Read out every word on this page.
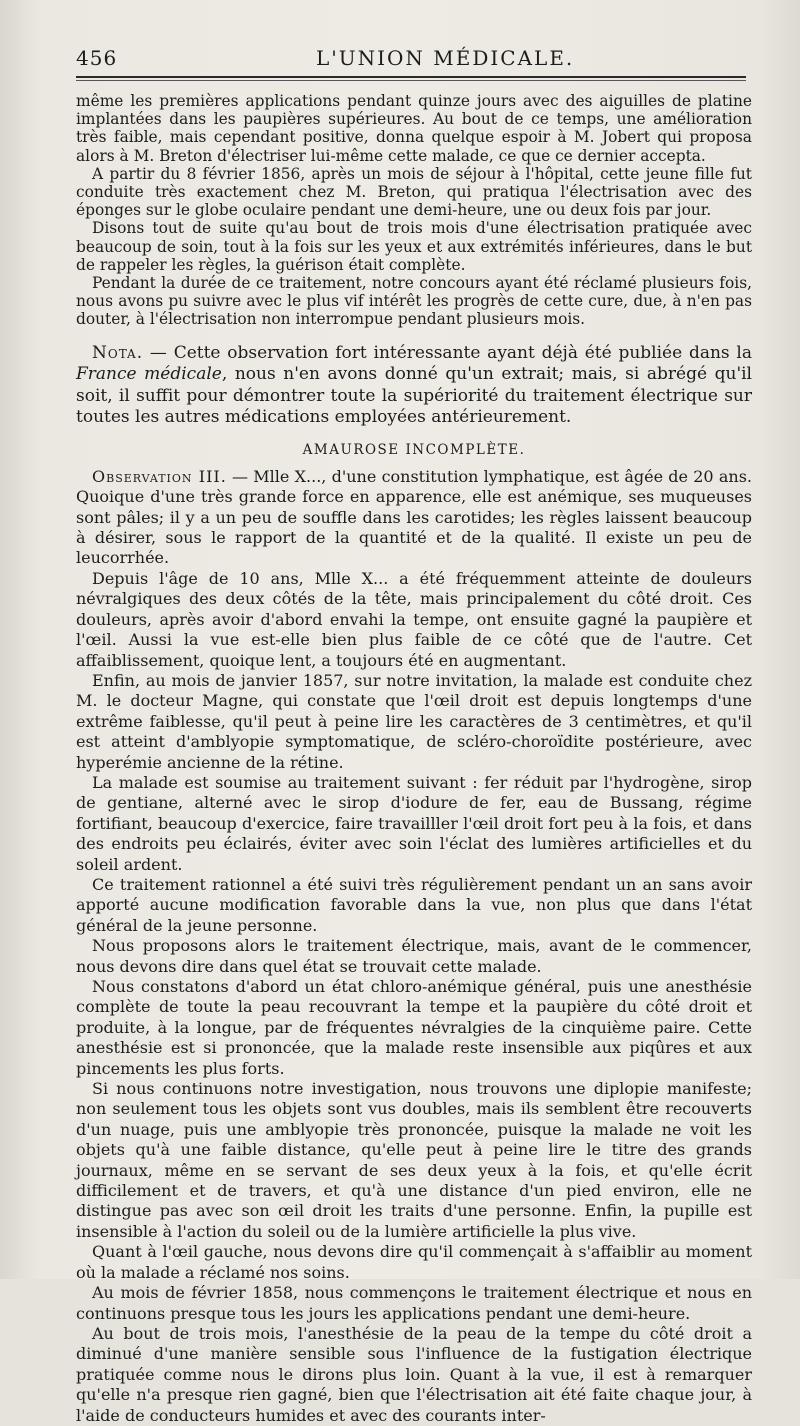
456	L'UNION MÉDICALE.

même les premières applications pendant quinze jours avec des aiguilles de platine implantées dans les paupières supérieures. Au bout de ce temps, une amélioration très faible, mais cependant positive, donna quelque espoir à M. Jobert qui proposa alors à M. Breton d'électriser lui-même cette malade, ce que ce dernier accepta.

A partir du 8 février 1856, après un mois de séjour à l'hôpital, cette jeune fille fut conduite très exactement chez M. Breton, qui pratiqua l'électrisation avec des éponges sur le globe oculaire pendant une demi-heure, une ou deux fois par jour.

Disons tout de suite qu'au bout de trois mois d'une électrisation pratiquée avec beaucoup de soin, tout à la fois sur les yeux et aux extrémités inférieures, dans le but de rappeler les règles, la guérison était complète.

Pendant la durée de ce traitement, notre concours ayant été réclamé plusieurs fois, nous avons pu suivre avec le plus vif intérêt les progrès de cette cure, due, à n'en pas douter, à l'électrisation non interrompue pendant plusieurs mois.

Nota. — Cette observation fort intéressante ayant déjà été publiée dans la France médicale, nous n'en avons donné qu'un extrait; mais, si abrégé qu'il soit, il suffit pour démontrer toute la supériorité du traitement électrique sur toutes les autres médications employées antérieurement.

AMAUROSE INCOMPLÈTE.

Observation III. — Mlle X..., d'une constitution lymphatique, est âgée de 20 ans. Quoique d'une très grande force en apparence, elle est anémique, ses muqueuses sont pâles; il y a un peu de souffle dans les carotides; les règles laissent beaucoup à désirer, sous le rapport de la quantité et de la qualité. Il existe un peu de leucorrhée.

Depuis l'âge de 10 ans, Mlle X... a été fréquemment atteinte de douleurs névralgiques des deux côtés de la tête, mais principalement du côté droit. Ces douleurs, après avoir d'abord envahi la tempe, ont ensuite gagné la paupière et l'œil. Aussi la vue est-elle bien plus faible de ce côté que de l'autre. Cet affaiblissement, quoique lent, a toujours été en augmentant.

Enfin, au mois de janvier 1857, sur notre invitation, la malade est conduite chez M. le docteur Magne, qui constate que l'œil droit est depuis longtemps d'une extrême faiblesse, qu'il peut à peine lire les caractères de 3 centimètres, et qu'il est atteint d'amblyopie symptomatique, de scléro-choroïdite postérieure, avec hyperémie ancienne de la rétine.

La malade est soumise au traitement suivant : fer réduit par l'hydrogène, sirop de gentiane, alterné avec le sirop d'iodure de fer, eau de Bussang, régime fortifiant, beaucoup d'exercice, faire travailller l'œil droit fort peu à la fois, et dans des endroits peu éclairés, éviter avec soin l'éclat des lumières artificielles et du soleil ardent.

Ce traitement rationnel a été suivi très régulièrement pendant un an sans avoir apporté aucune modification favorable dans la vue, non plus que dans l'état général de la jeune personne.

Nous proposons alors le traitement électrique, mais, avant de le commencer, nous devons dire dans quel état se trouvait cette malade.

Nous constatons d'abord un état chloro-anémique général, puis une anesthésie complète de toute la peau recouvrant la tempe et la paupière du côté droit et produite, à la longue, par de fréquentes névralgies de la cinquième paire. Cette anesthésie est si prononcée, que la malade reste insensible aux piqûres et aux pincements les plus forts.

Si nous continuons notre investigation, nous trouvons une diplopie manifeste; non seulement tous les objets sont vus doubles, mais ils semblent être recouverts d'un nuage, puis une amblyopie très prononcée, puisque la malade ne voit les objets qu'à une faible distance, qu'elle peut à peine lire le titre des grands journaux, même en se servant de ses deux yeux à la fois, et qu'elle écrit difficilement et de travers, et qu'à une distance d'un pied environ, elle ne distingue pas avec son œil droit les traits d'une personne. Enfin, la pupille est insensible à l'action du soleil ou de la lumière artificielle la plus vive.

Quant à l'œil gauche, nous devons dire qu'il commençait à s'affaiblir au moment où la malade a réclamé nos soins.

Au mois de février 1858, nous commençons le traitement électrique et nous en continuons presque tous les jours les applications pendant une demi-heure.

Au bout de trois mois, l'anesthésie de la peau de la tempe du côté droit a diminué d'une manière sensible sous l'influence de la fustigation électrique pratiquée comme nous le dirons plus loin. Quant à la vue, il est à remarquer qu'elle n'a presque rien gagné, bien que l'électrisation ait été faite chaque jour, à l'aide de conducteurs humides et avec des courants inter-
